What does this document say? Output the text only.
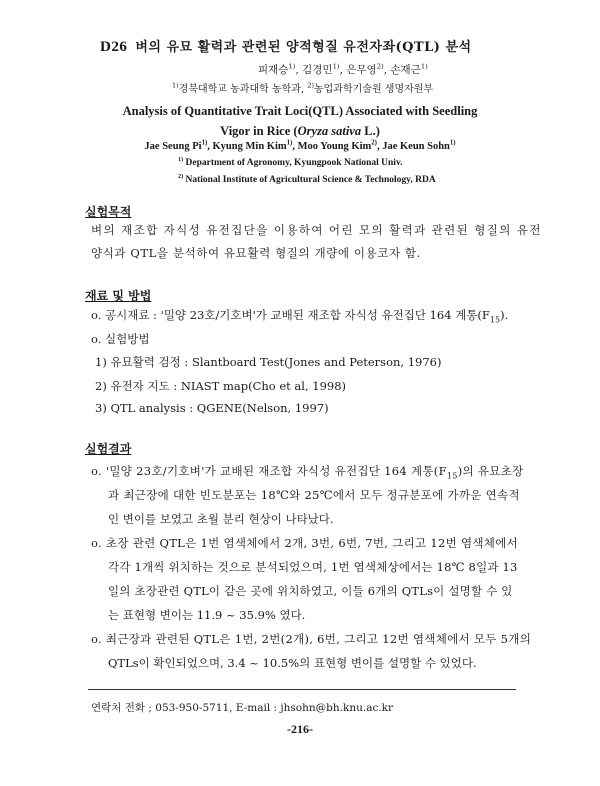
D26 벼의 유묘 활력과 관련된 양적형질 유전자좌(QTL) 분석
피재승$^{1)}$, 김경민$^{1)}$, 은무영$^{2)}$, 손재근$^{1)}$
$^{1)}$경북대학교 농과대학 농학과, $^{2)}$농업과학기술원 생명자원부
Analysis of Quantitative Trait Loci(QTL) Associated with Seedling
Vigor in Rice (Oryza sativa L.)
Jae Seung Pi$^{1)}$, Kyung Min Kim$^{1)}$, Moo Young Kim$^{2)}$, Jae Keun Sohn$^{1)}$
$^{1)}$ Department of Agronomy, Kyungpook National Univ.
$^{2)}$ National Institute of Agricultural Science & Technology, RDA
실험목적
벼의 재조합 자식성 유전집단을 이용하여 어린 모의 활력과 관련된 형질의 유전
양식과 QTL을 분석하여 유묘활력 형질의 개량에 이용코자 함.
재료 및 방법
o. 공시재료 : '밀양 23호/기호벼'가 교배된 재조합 자식성 유전집단 164 계통$(F_{15})$.
o. 실험방법
1) 유묘활력 검정 : Slantboard Test(Jones and Peterson, 1976)
2) 유전자 지도 : NIAST map(Cho et al, 1998)
3) QTL analysis : QGENE(Nelson, 1997)
실험결과
o. '밀양 23호/기호벼'가 교배된 재조합 자식성 유전집단 164 계통$(F_{15})$의 유묘초장
과 최근장에 대한 빈도분포는 18℃와 25℃에서 모두 정규분포에 가까운 연속적
인 변이를 보였고 초월 분리 현상이 나타났다.
o. 초장 관련 QTL은 1번 염색체에서 2개, 3번, 6번, 7번, 그리고 12번 염색체에서
각각 1개씩 위치하는 것으로 분석되었으며, 1번 염색체상에서는 18℃ 8일과 13
일의 초장관련 QTL이 같은 곳에 위치하였고, 이들 6개의 QTLs이 설명할 수 있
는 표현형 변이는 11.9 ~ 35.9% 였다.
o. 최근장과 관련된 QTL은 1번, 2번(2개), 6번, 그리고 12번 염색체에서 모두 5개의
QTLs이 확인되었으며, 3.4 ~ 10.5%의 표현형 변이를 설명할 수 있었다.
연락처 전화 ; 053-950-5711, E-mail : jhsohn@bh.knu.ac.kr
-216-
